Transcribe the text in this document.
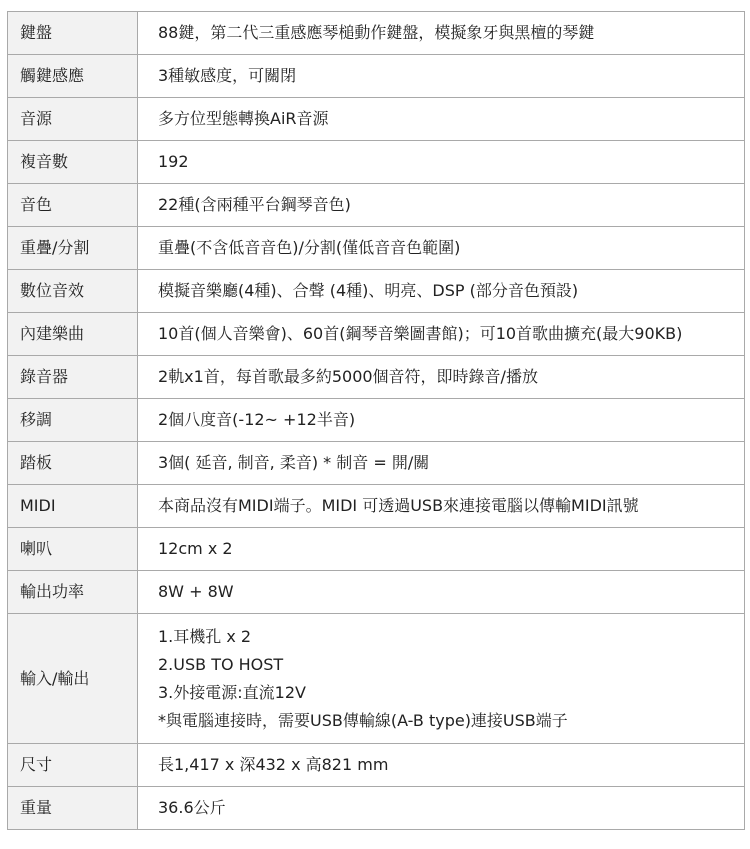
鍵盤	88鍵，第二代三重感應琴槌動作鍵盤，模擬象牙與黑檀的琴鍵
觸鍵感應	3種敏感度，可關閉
音源	多方位型態轉換AiR音源
複音數	192
音色	22種(含兩種平台鋼琴音色)
重疊/分割	重疊(不含低音音色)/分割(僅低音音色範圍)
數位音效	模擬音樂廳(4種)、合聲 (4種)、明亮、DSP (部分音色預設)
內建樂曲	10首(個人音樂會)、60首(鋼琴音樂圖書館)；可10首歌曲擴充(最大90KB)
錄音器	2軌x1首，每首歌最多約5000個音符，即時錄音/播放
移調	2個八度音(-12~ +12半音)
踏板	3個( 延音, 制音, 柔音) * 制音 = 開/關
MIDI	本商品沒有MIDI端子。MIDI 可透過USB來連接電腦以傳輸MIDI訊號
喇叭	12cm x 2
輸出功率	8W + 8W
輸入/輸出	1.耳機孔 x 2
2.USB TO HOST
3.外接電源:直流12V
*與電腦連接時，需要USB傳輸線(A-B type)連接USB端子

尺寸	長1,417 x 深432 x 高821 mm
重量	36.6公斤
